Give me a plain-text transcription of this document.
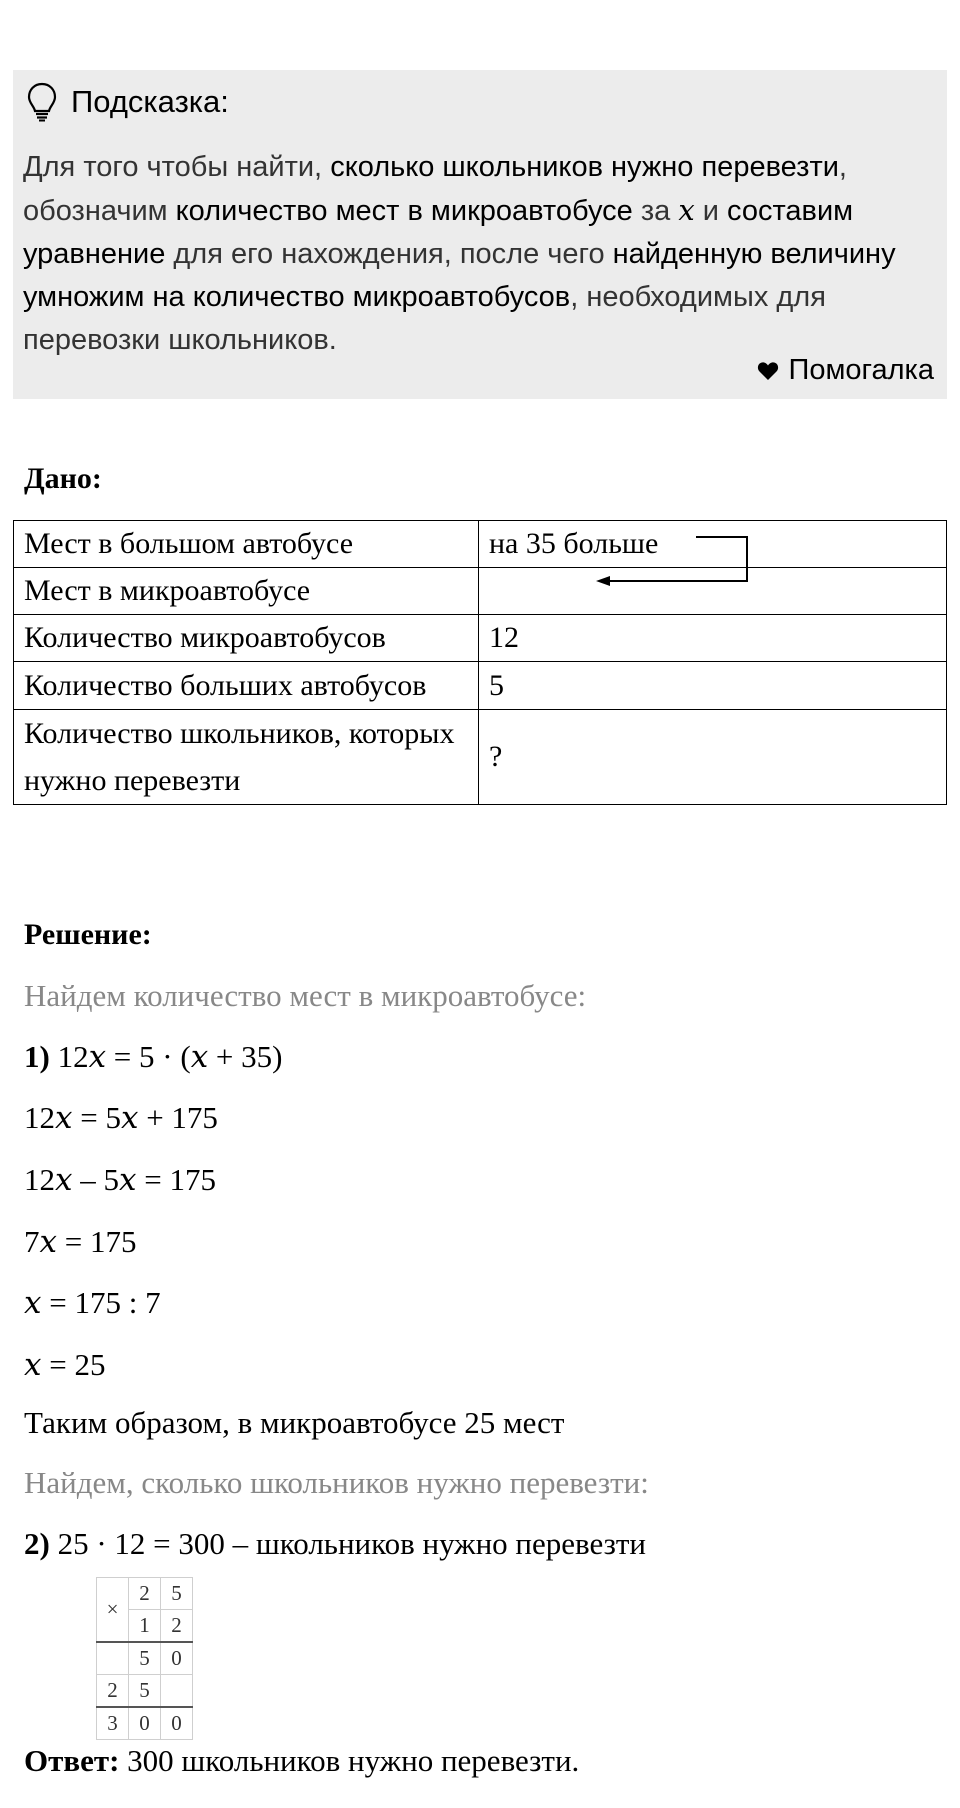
Подсказка:
Для того чтобы найти, сколько школьников нужно перевезти, обозначим количество мест в микроавтобусе за x и составим уравнение для его нахождения, после чего найденную величину умножим на количество микроавтобусов, необходимых для перевозки школьников.
Помогалка
Дано:
Мест в большом автобусе	на 35 больше
Мест в микроавтобусе	
Количество микроавтобусов	12
Количество больших автобусов	5
Количество школьников, которых нужно перевезти	?
Решение:
Найдем количество мест в микроавтобусе:
1) 12𝑥 = 5 · (𝑥 + 35)
12𝑥 = 5𝑥 + 175
12𝑥 – 5𝑥 = 175
7𝑥 = 175
𝑥 = 175 : 7
𝑥 = 25
Таким образом, в микроавтобусе 25 мест
Найдем, сколько школьников нужно перевезти:
2) 25 · 12 = 300 – школьников нужно перевезти
×	2	5
	1	2
	5	0
2	5	
3	0	0
Ответ: 300 школьников нужно перевезти.
